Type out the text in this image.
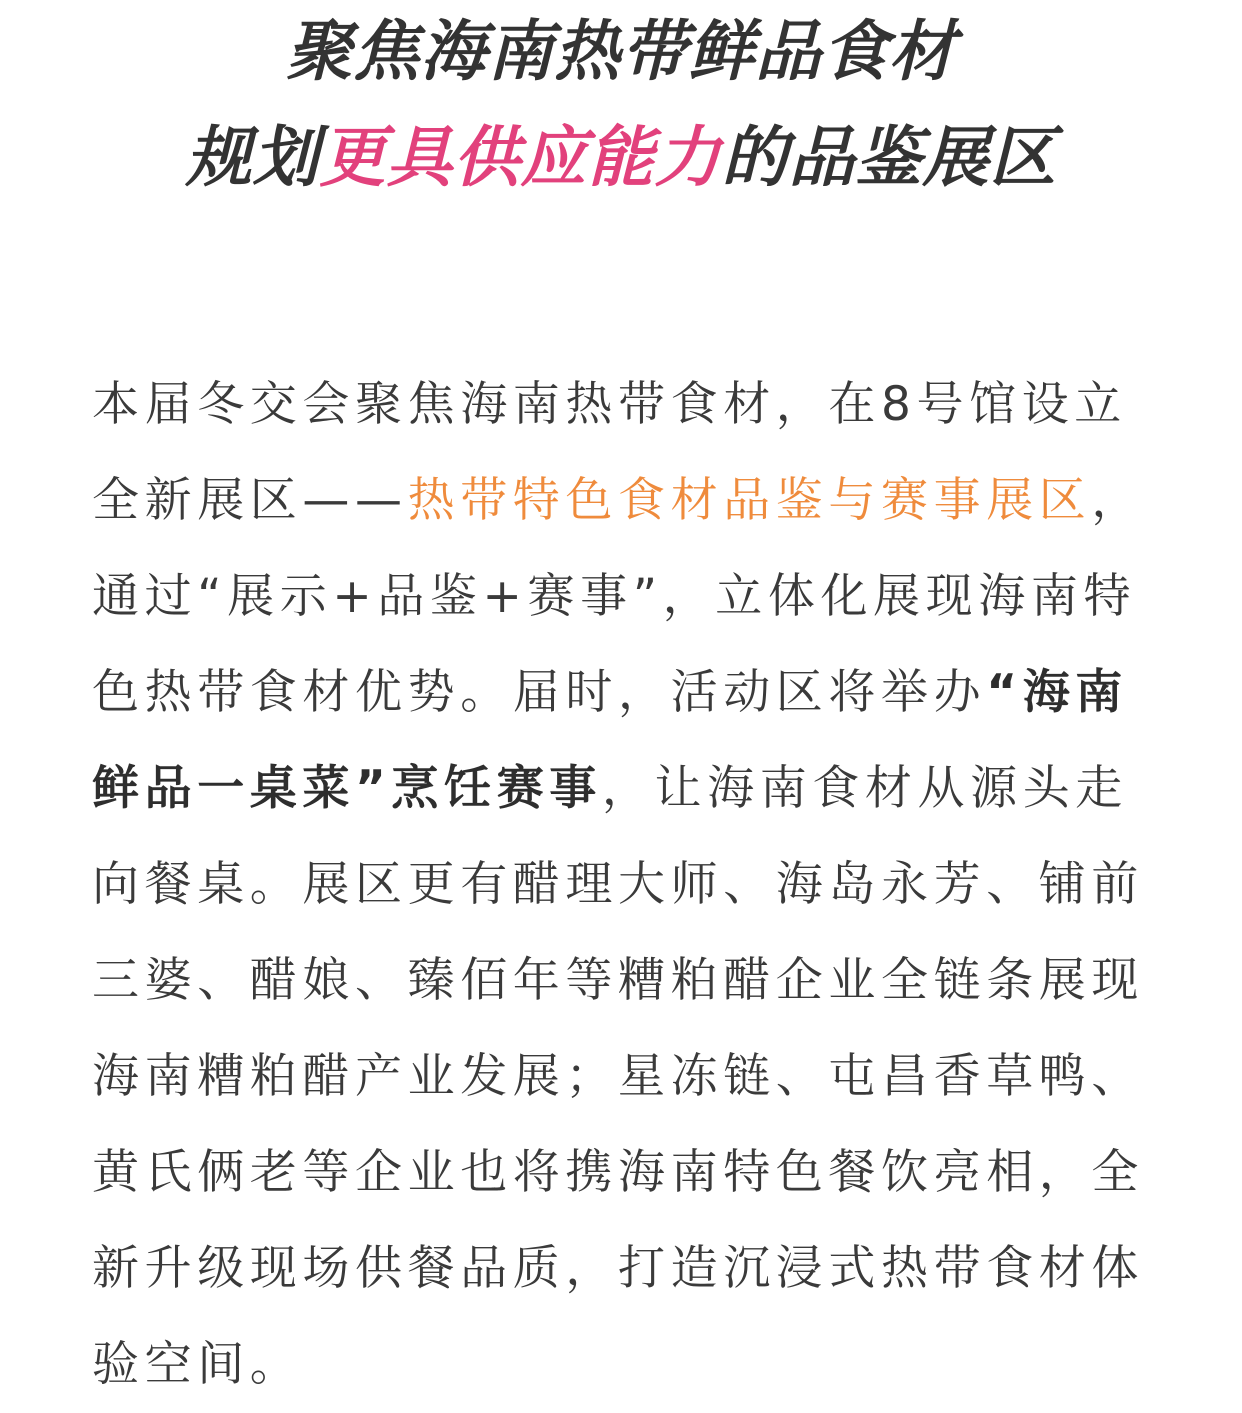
聚焦海南热带鲜品食材
规划更具供应能力的品鉴展区

本届冬交会聚焦海南热带食材，在8号馆设立全新展区——热带特色食材品鉴与赛事展区，通过“展示+品鉴+赛事”，立体化展现海南特色热带食材优势。届时，活动区将举办“海南鲜品一桌菜”烹饪赛事，让海南食材从源头走向餐桌。展区更有醋理大师、海岛永芳、铺前三婆、醋娘、臻佰年等糟粕醋企业全链条展现海南糟粕醋产业发展；星冻链、屯昌香草鸭、黄氏俩老等企业也将携海南特色餐饮亮相，全新升级现场供餐品质，打造沉浸式热带食材体验空间。
